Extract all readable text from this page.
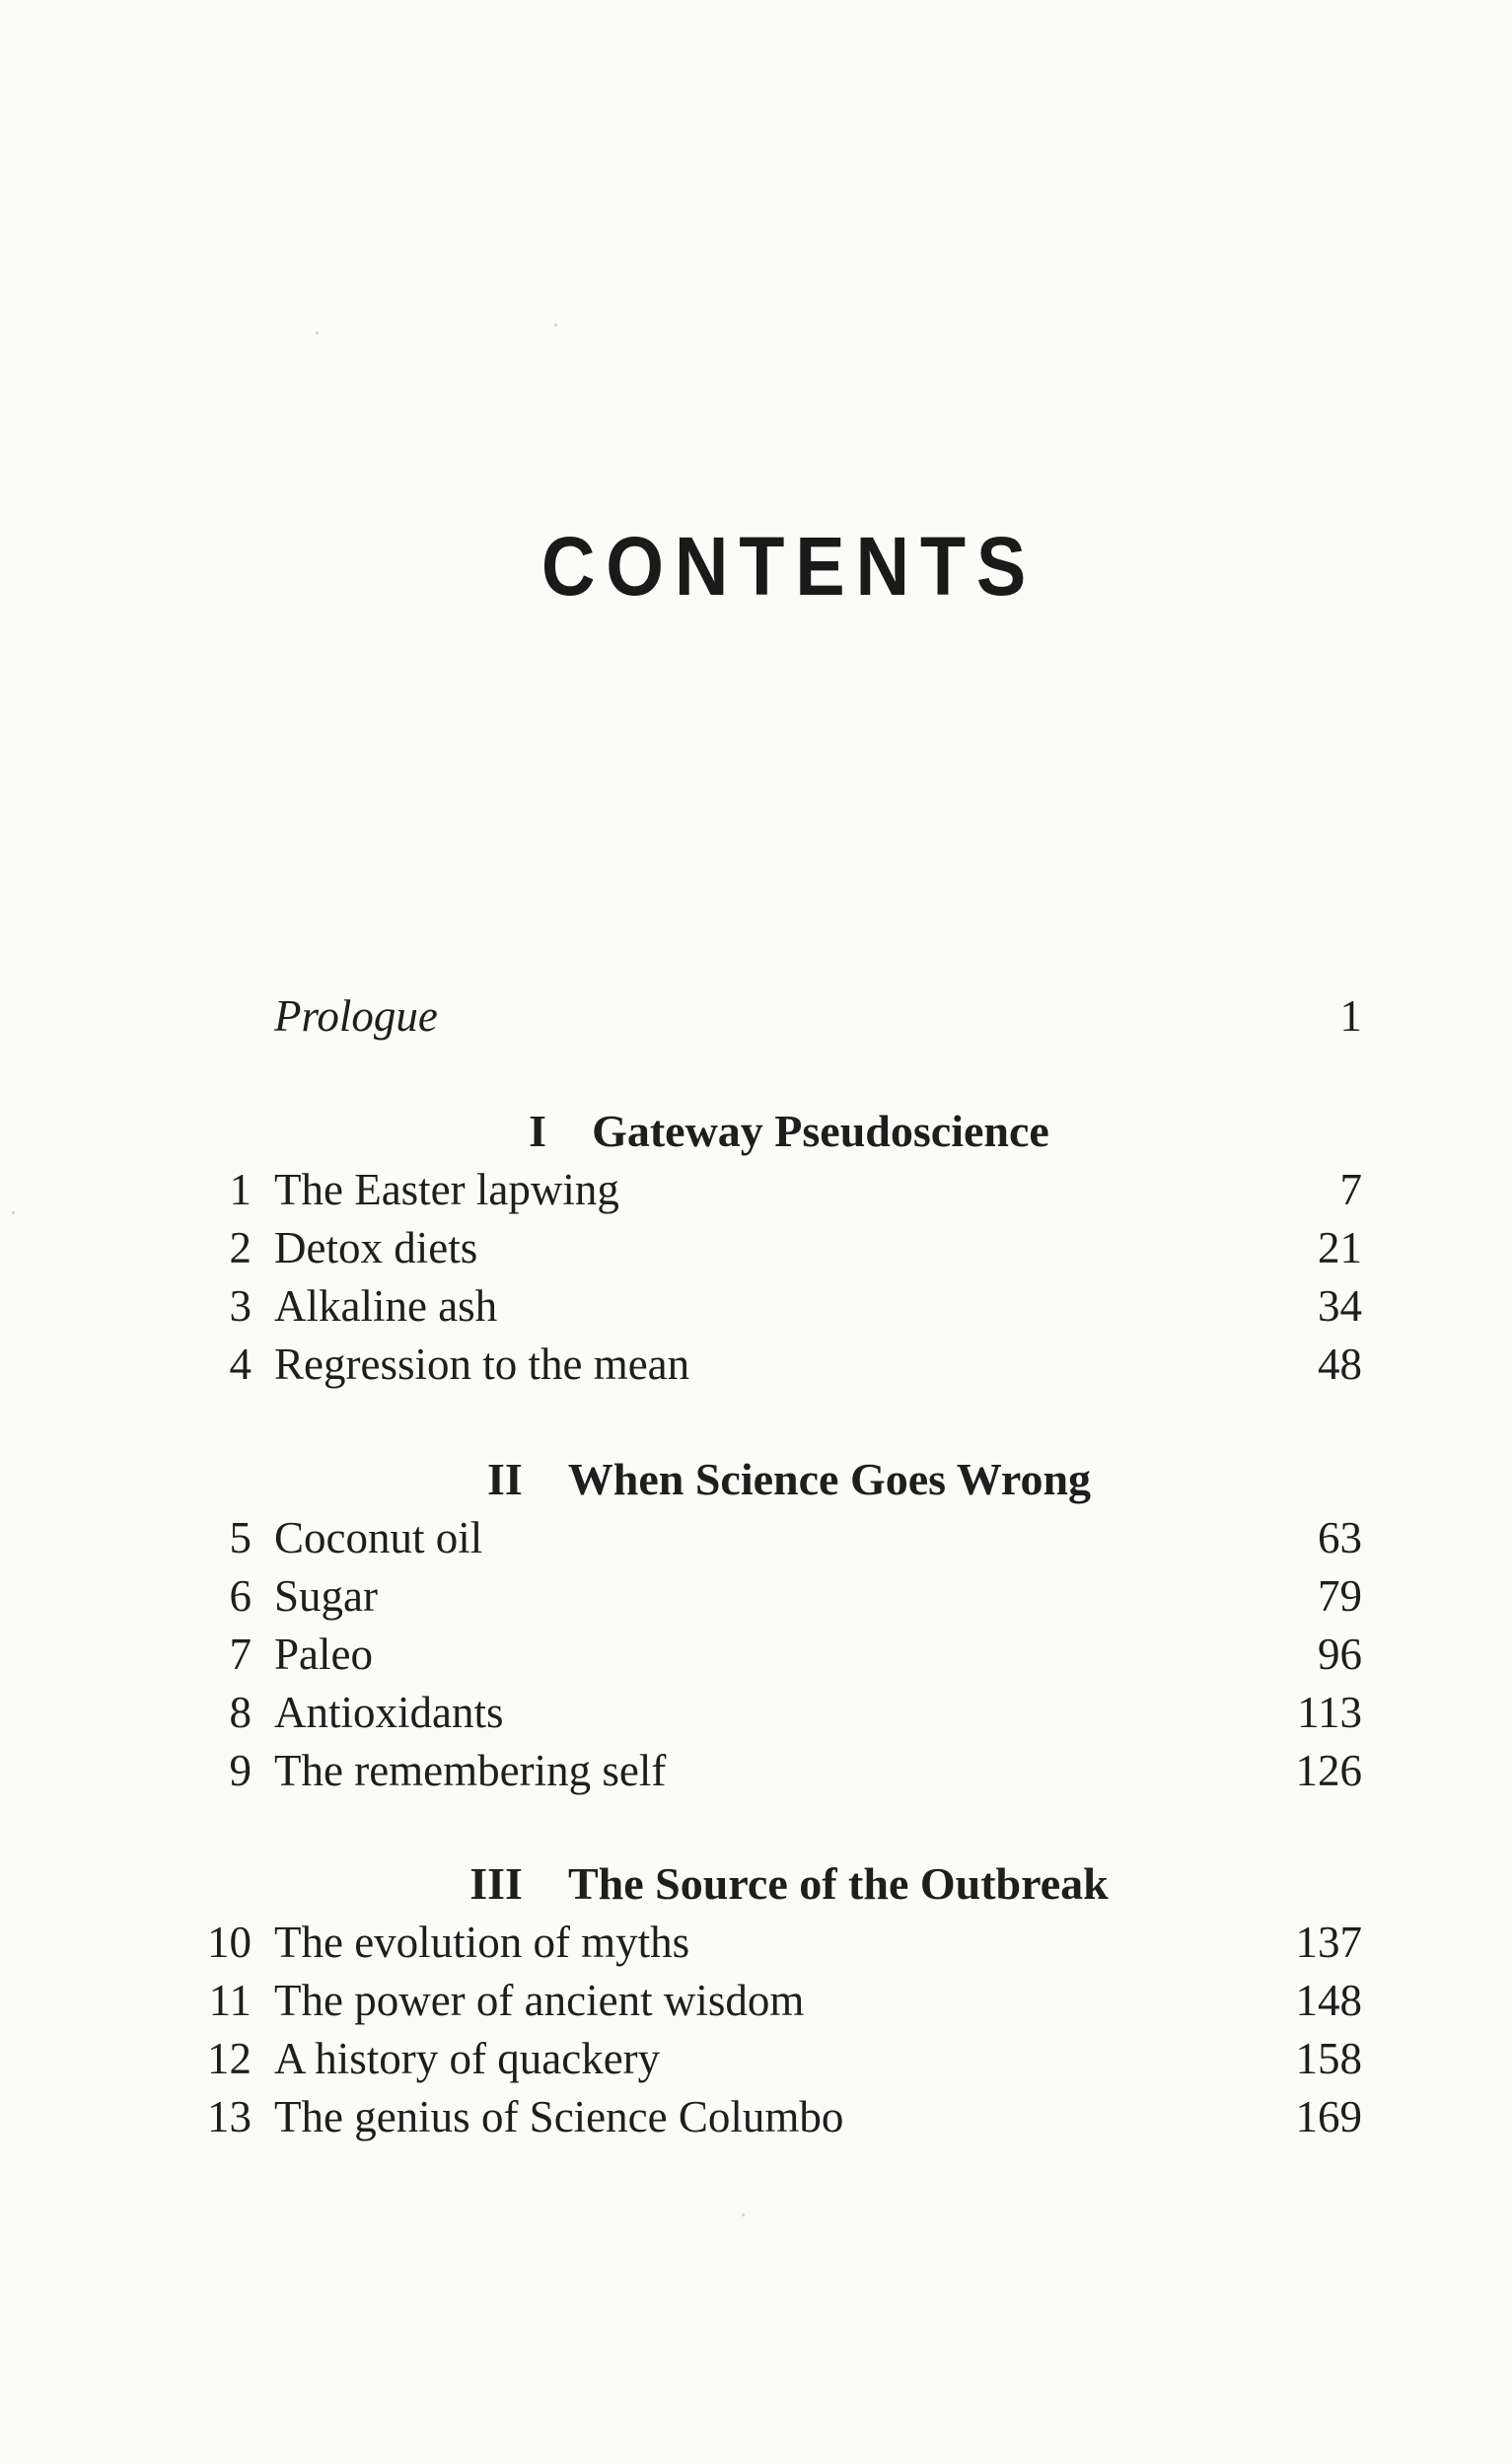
CONTENTS
Prologue	1
I Gateway Pseudoscience
1 The Easter lapwing	7
2 Detox diets	21
3 Alkaline ash	34
4 Regression to the mean	48
II When Science Goes Wrong
5 Coconut oil	63
6 Sugar	79
7 Paleo	96
8 Antioxidants	113
9 The remembering self	126
III The Source of the Outbreak
10 The evolution of myths	137
11 The power of ancient wisdom	148
12 A history of quackery	158
13 The genius of Science Columbo	169
